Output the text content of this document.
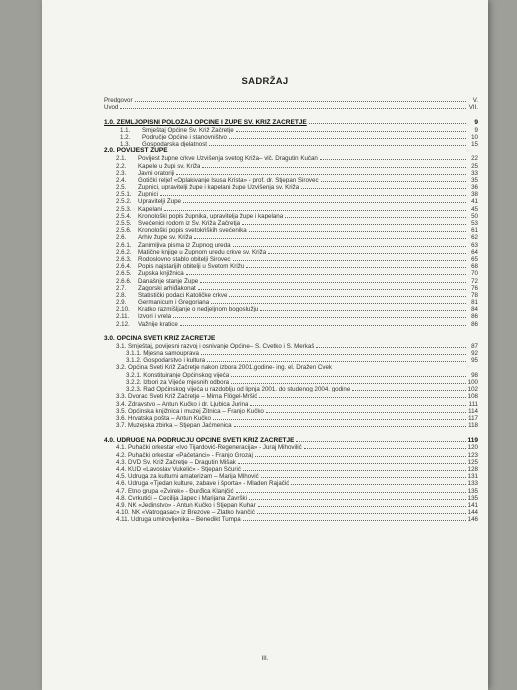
SADRŽAJ
Predgovor	V.
Uvod	VII.
1.0. ZEMLJOPISNI POLOŽAJ OPĆINE I ŽUPE SV. KRIŽ ZAČRETJE	9
1.1.	Smještaj Općine Sv. Križ Začretje	9
1.2.	Područje Općine i stanovništvo	10
1.3.	Gospodarska djelatnost	15
2.0. POVIJEST ŽUPE
2.1.	Povijest župne crkve Uzvišenja svetog Križa– vlč. Dragutin Kučan	22
2.2.	Kapele u župi sv. Križa	25
2.3.	Javni oratoriji	33
2.4.	Gotički reljef «Oplakivanje Isusa Krista» - prof. dr. Stjepan Sirovec	35
2.5.	Župnici, upravitelji župe i kapelani župe Uzvišenja sv. Križa	36
2.5.1.	Župnici	38
2.5.2.	Upravitelji Župe	41
2.5.3.	Kapelani	45
2.5.4.	Kronološki popis župnika, upravitelja župe i kapelana	50
2.5.5.	Svećenici rodom iz Sv. Križa Začretja	53
2.5.6.	Kronološki popis svetokriških svećenika	61
2.6.	Arhiv župe sv. Križa	62
2.6.1.	Zanimljiva pisma iz Župnog ureda	63
2.6.2.	Matične knjige u Župnom uredu crkve sv. Križa	64
2.6.3.	Rodoslovno stablo obitelji Sirovec	65
2.6.4.	Popis najstarijih obitelji u Svetom Križu	68
2.6.5.	Župska knjižnica	70
2.6.6.	Današnje stanje Župe	72
2.7.	Zagorski arhiđakonat	76
2.8.	Statistički podaci Katoličke crkve	78
2.9.	Germanicum i Gregoriana	81
2.10.	Kratko razmišljanje o nedjeljnom bogoslužju	84
2.11.	Izvori i vrela	86
2.12.	Važnije kratice	86
3.0. OPĆINA SVETI KRIŽ ZAČRETJE
3.1. Smještaj, povijesni razvoj i osnivanje Općine– S. Cvetko i S. Merkaš	87
3.1.1. Mjesna samouprava	92
3.1.2. Gospodarstvo i kultura	95
3.2. Općina Sveti Križ Začretje nakon izbora 2001.godine- ing. el. Dražen Čvek
3.2.1. Konstituiranje Općinskog vijeća	98
3.2.2. Izbori za Vijeće mjesnih odbora	100
3.2.3. Rad Općinskog vijeća u razdoblju od lipnja 2001. do studenog 2004. godine	102
3.3. Dvorac Sveti Križ Začretje – Mirna Flögel-Mršić	108
3.4. Zdravstvo – Antun Kučko i dr. Ljubica Jurina	111
3.5. Općinska knjižnica i muzej Žitnica – Franjo Kučko	114
3.6. Hrvatska pošta – Antun Kučko	117
3.7. Muzejska zbirka – Stjepan Jaćmenica	118
4.0. UDRUGE NA PODRUČJU OPĆINE SVETI KRIŽ ZAČRETJE	119
4.1. Puhački orkestar «Ivo Tijardović-Regeneracija» - Juraj Mihovilić	120
4.2. Puhački orkestar «Pačetanci» - Franjo Grozaj	123
4.3. DVD Sv. Križ Začretje – Dragutin Mišak	125
4.4. KUD «Lavoslav Vukelić» - Stjepan Šćurić	128
4.5. Udruga za kulturni amaterizam – Marija Mihović	131
4.6. Udruga «Tjedan kulture, zabave i športa» - Mladen Rajačić	133
4.7. Etno grupa «Zvirek» - Đurđica Klanjčić	135
4.8. Cvrkutići – Cecilija Japec i Marijana Završki	135
4.9. NK «Jedinstvo» - Antun Kučko i Stjepan Kuhar	141
4.10. NK «Vatrogasac» iz Brezove – Zlatko Ivančić	144
4.11. Udruga umirovljenika – Benedikt Tumpa	146
III.
